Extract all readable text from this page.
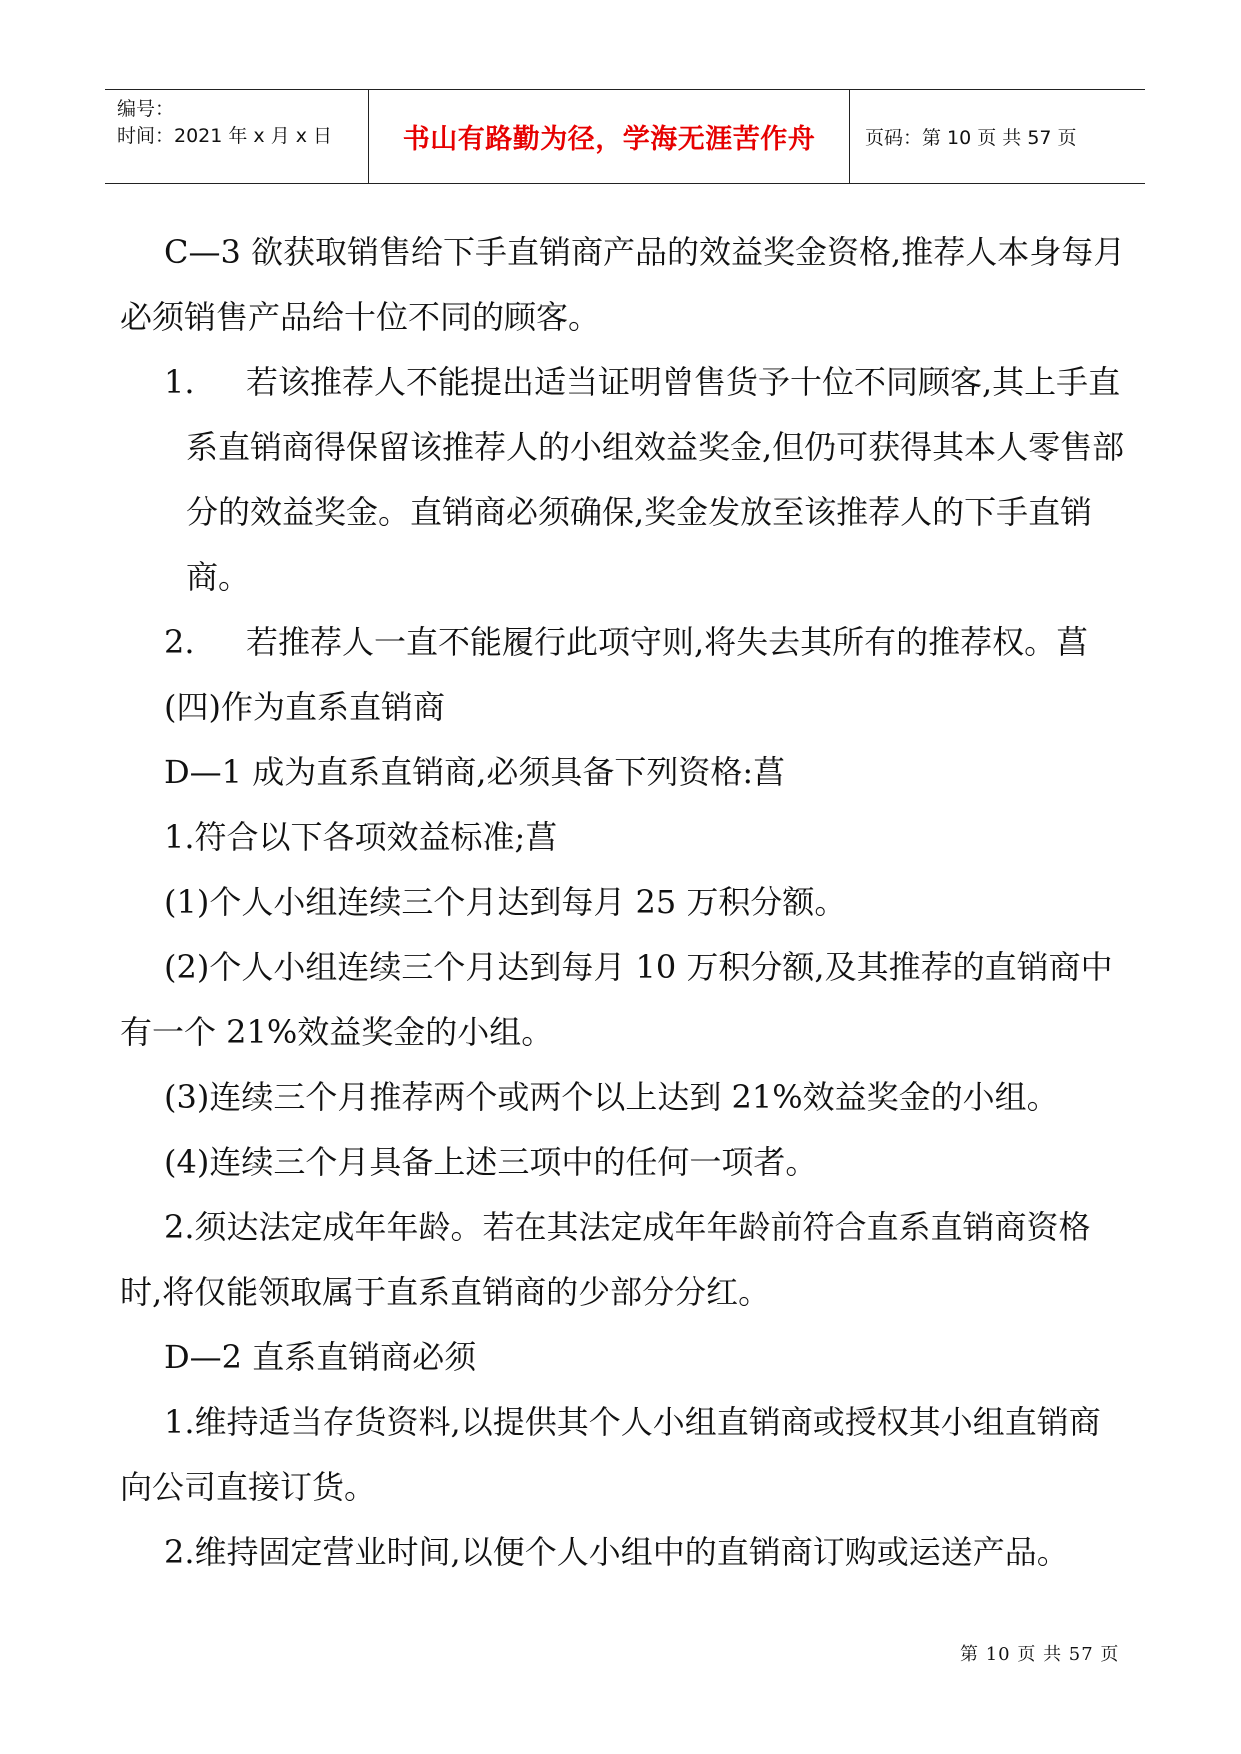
编号：
时间：2021 年 x 月 x 日	书山有路勤为径，学海无涯苦作舟	页码：第 10 页 共 57 页

C—3 欲获取销售给下手直销商产品的效益奖金资格,推荐人本身每月必须销售产品给十位不同的顾客。

1.	若该推荐人不能提出适当证明曾售货予十位不同顾客,其上手直系直销商得保留该推荐人的小组效益奖金,但仍可获得其本人零售部分的效益奖金。直销商必须确保,奖金发放至该推荐人的下手直销商。
2.	若推荐人一直不能履行此项守则,将失去其所有的推荐权。菖

(四)作为直系直销商

D—1 成为直系直销商,必须具备下列资格:菖

1.符合以下各项效益标准;菖

(1)个人小组连续三个月达到每月 25 万积分额。

(2)个人小组连续三个月达到每月 10 万积分额,及其推荐的直销商中有一个 21%效益奖金的小组。

(3)连续三个月推荐两个或两个以上达到 21%效益奖金的小组。

(4)连续三个月具备上述三项中的任何一项者。

2.须达法定成年年龄。若在其法定成年年龄前符合直系直销商资格时,将仅能领取属于直系直销商的少部分分红。

D—2 直系直销商必须

1.维持适当存货资料,以提供其个人小组直销商或授权其小组直销商向公司直接订货。

2.维持固定营业时间,以便个人小组中的直销商订购或运送产品。

第 10 页 共 57 页
